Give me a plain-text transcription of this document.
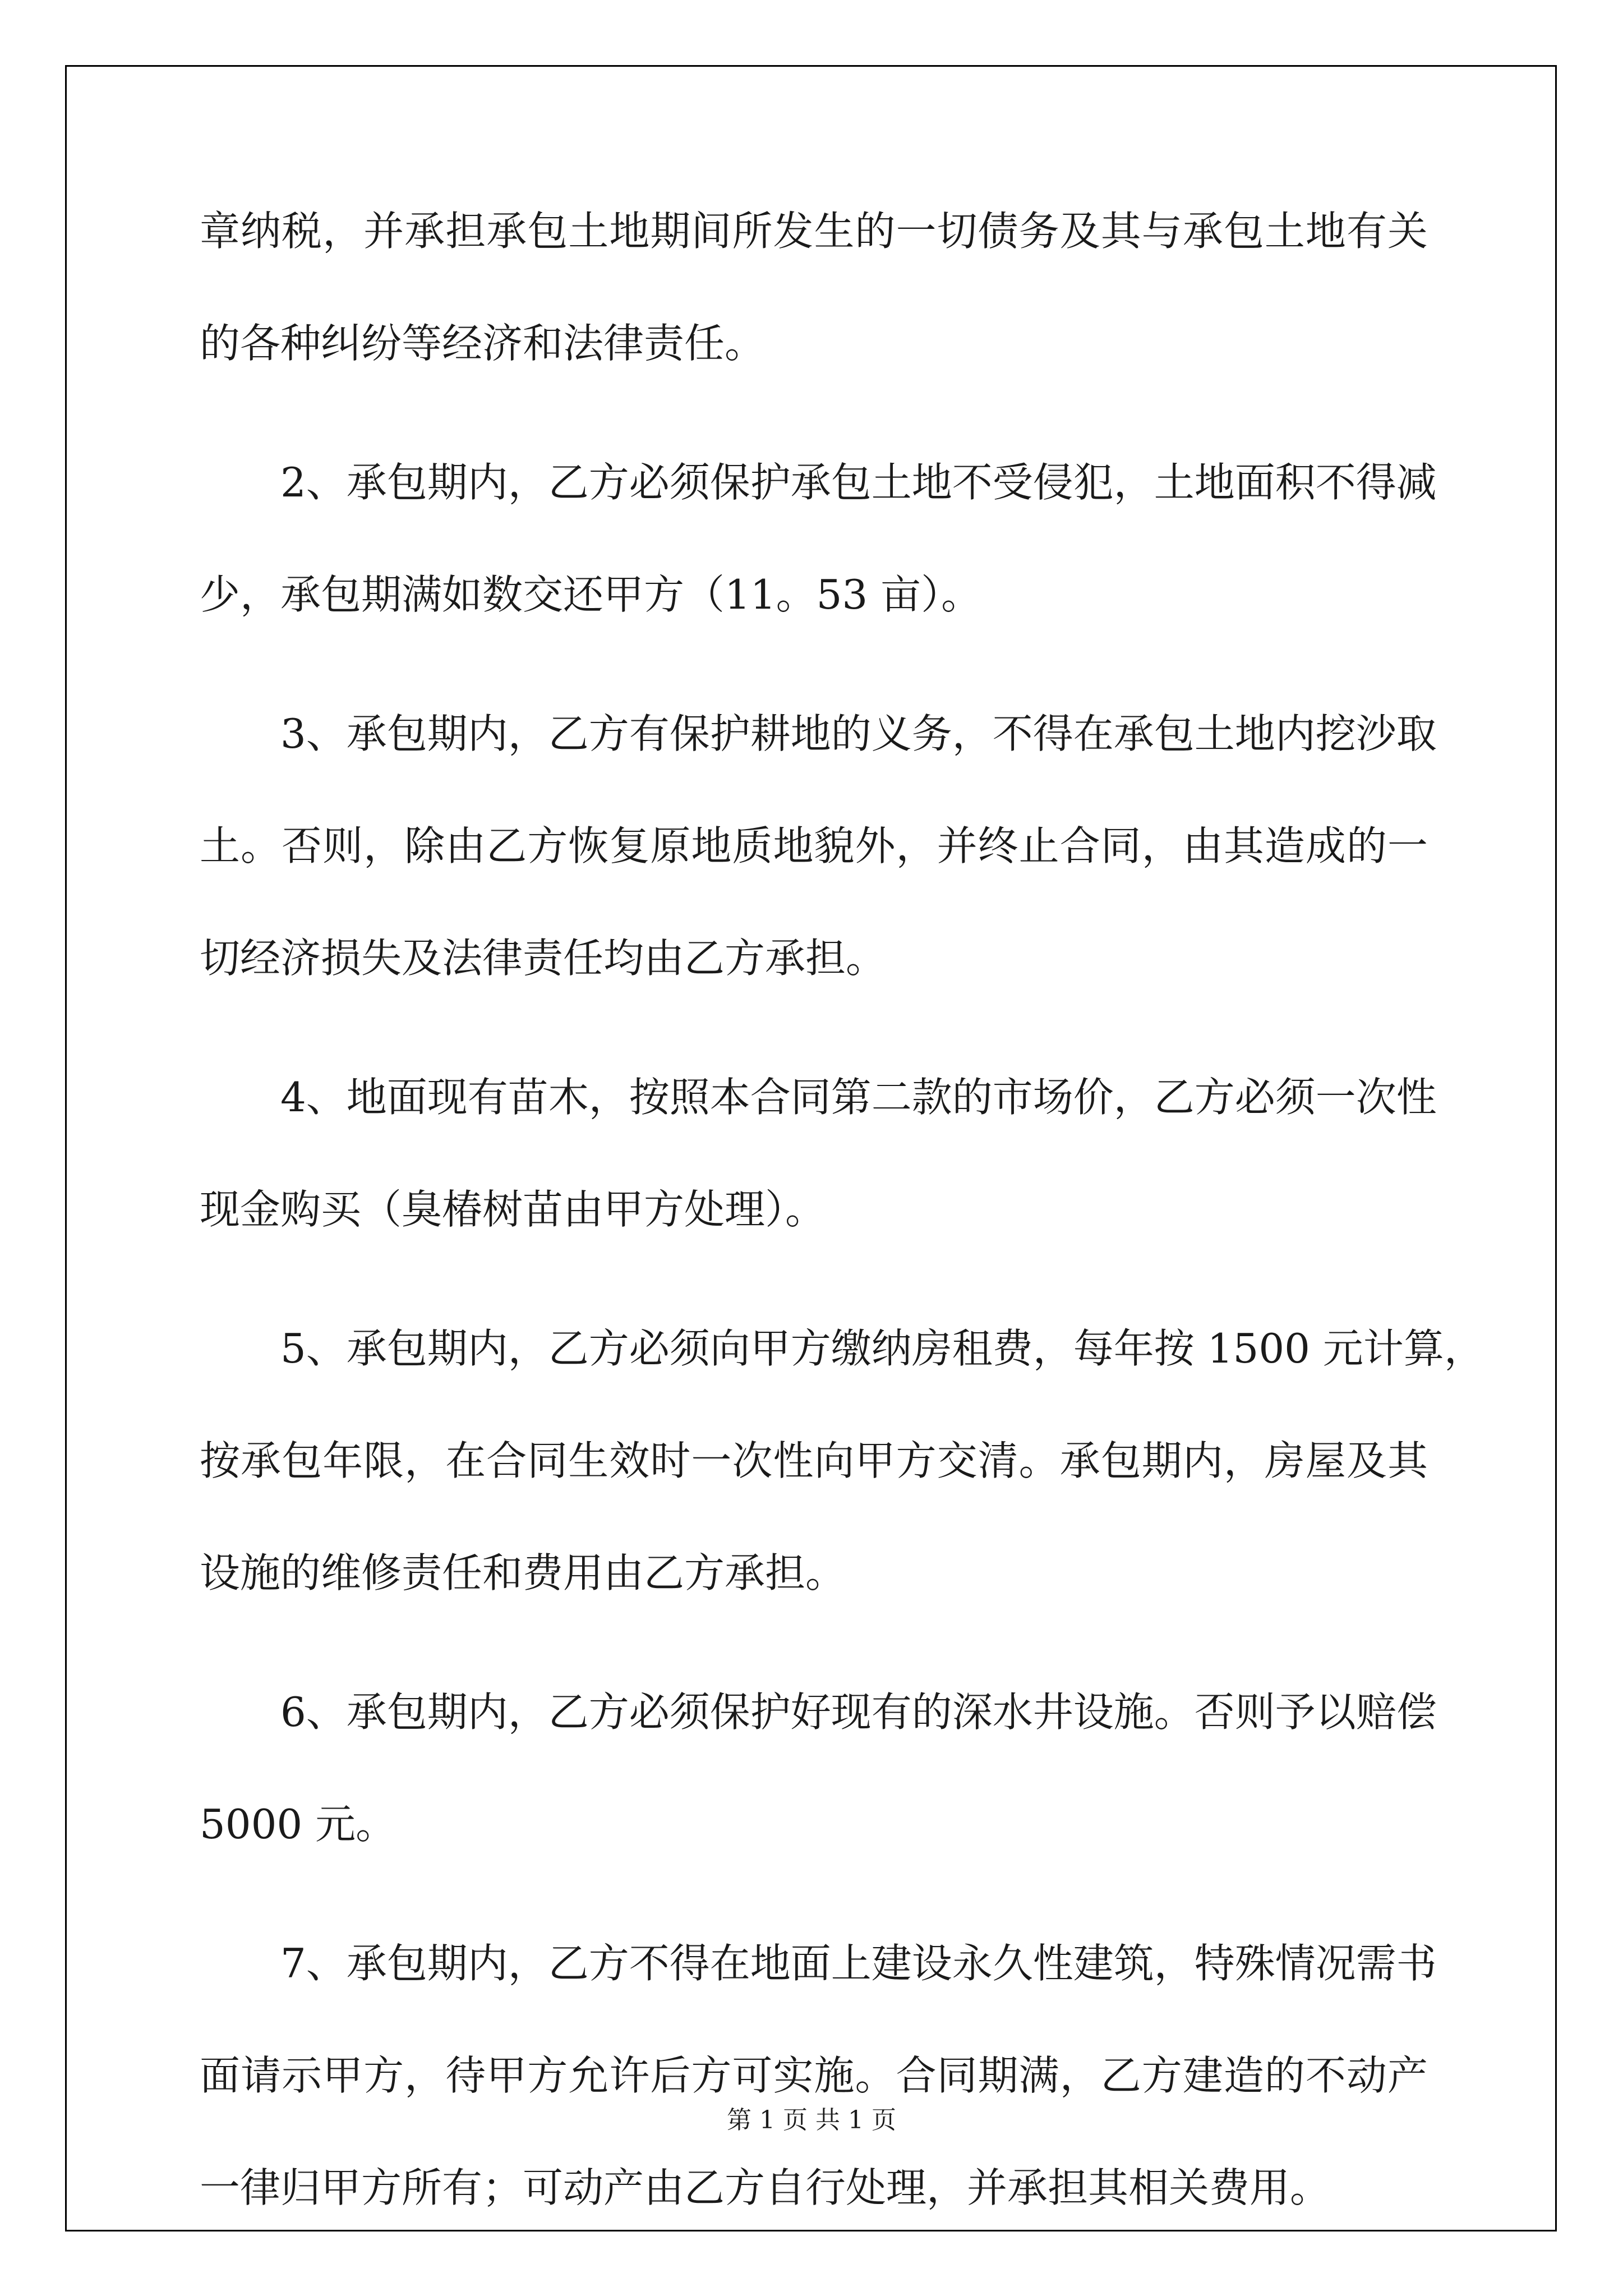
章纳税，并承担承包土地期间所发生的一切债务及其与承包土地有关
的各种纠纷等经济和法律责任。
2、承包期内，乙方必须保护承包土地不受侵犯，土地面积不得减
少，承包期满如数交还甲方（11。53 亩）。
3、承包期内，乙方有保护耕地的义务，不得在承包土地内挖沙取
土。否则，除由乙方恢复原地质地貌外，并终止合同，由其造成的一
切经济损失及法律责任均由乙方承担。
4、地面现有苗木，按照本合同第二款的市场价，乙方必须一次性
现金购买（臭椿树苗由甲方处理）。
5、承包期内，乙方必须向甲方缴纳房租费，每年按 1500 元计算，
按承包年限，在合同生效时一次性向甲方交清。承包期内，房屋及其
设施的维修责任和费用由乙方承担。
6、承包期内，乙方必须保护好现有的深水井设施。否则予以赔偿
5000 元。
7、承包期内，乙方不得在地面上建设永久性建筑，特殊情况需书
面请示甲方，待甲方允许后方可实施。合同期满，乙方建造的不动产
一律归甲方所有；可动产由乙方自行处理，并承担其相关费用。
第 1 页 共 1 页
